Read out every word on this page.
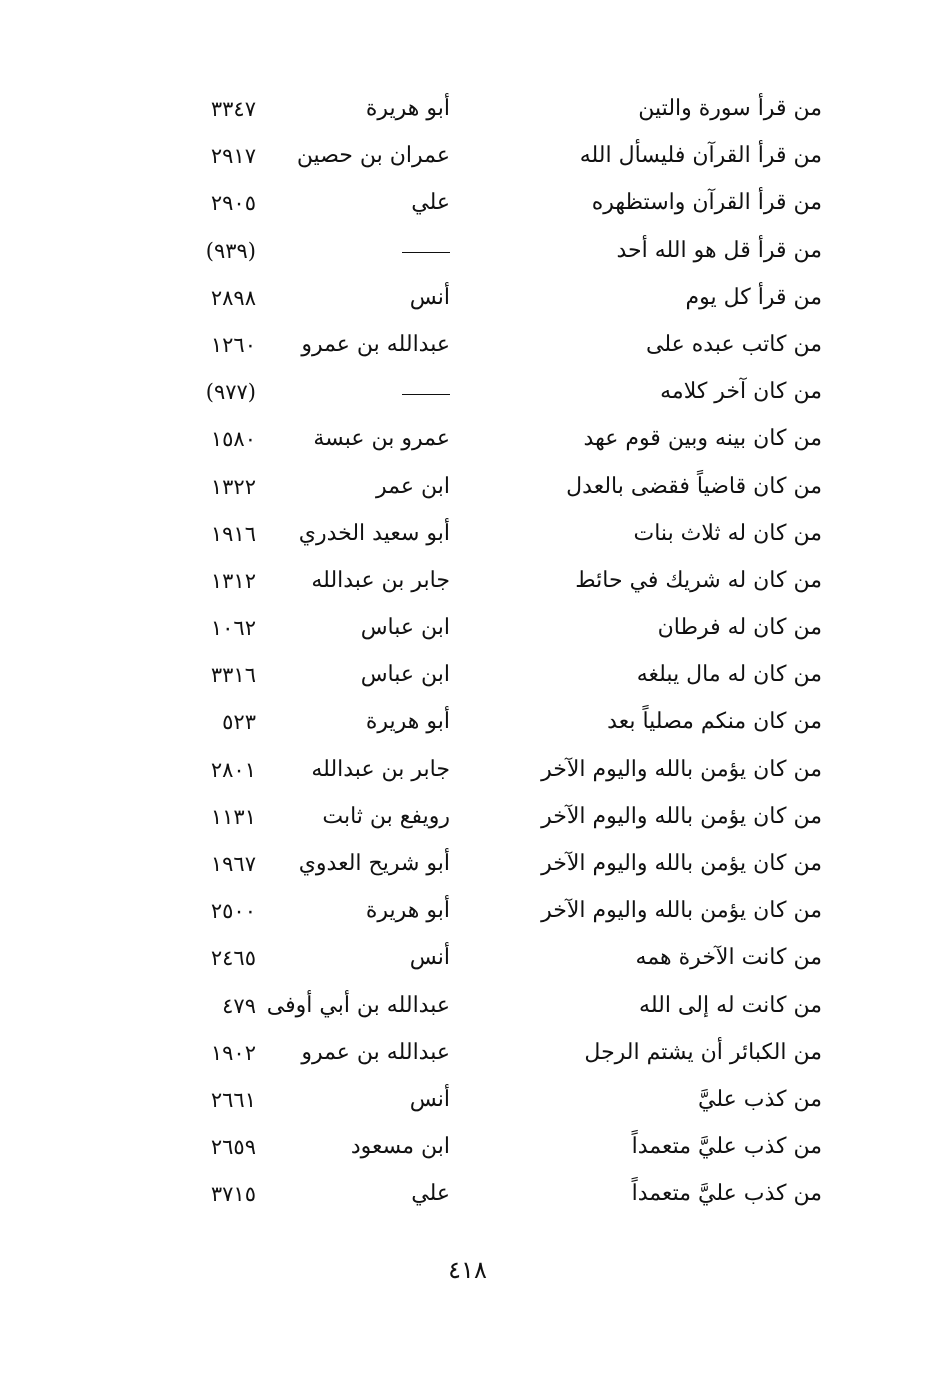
من قرأ سورة والتين
أبو هريرة
٣٣٤٧
من قرأ القرآن فليسأل الله
عمران بن حصين
٢٩١٧
من قرأ القرآن واستظهره
علي
٢٩٠٥
من قرأ قل هو الله أحد
(٩٣٩)
من قرأ كل يوم
أنس
٢٨٩٨
من كاتب عبده على
عبدالله بن عمرو
١٢٦٠
من كان آخر كلامه
(٩٧٧)
من كان بينه وبين قوم عهد
عمرو بن عبسة
١٥٨٠
من كان قاضياً فقضى بالعدل
ابن عمر
١٣٢٢
من كان له ثلاث بنات
أبو سعيد الخدري
١٩١٦
من كان له شريك في حائط
جابر بن عبدالله
١٣١٢
من كان له فرطان
ابن عباس
١٠٦٢
من كان له مال يبلغه
ابن عباس
٣٣١٦
من كان منكم مصلياً بعد
أبو هريرة
٥٢٣
من كان يؤمن بالله واليوم الآخر
جابر بن عبدالله
٢٨٠١
من كان يؤمن بالله واليوم الآخر
رويفع بن ثابت
١١٣١
من كان يؤمن بالله واليوم الآخر
أبو شريح العدوي
١٩٦٧
من كان يؤمن بالله واليوم الآخر
أبو هريرة
٢٥٠٠
من كانت الآخرة همه
أنس
٢٤٦٥
من كانت له إلى الله
عبدالله بن أبي أوفى
٤٧٩
من الكبائر أن يشتم الرجل
عبدالله بن عمرو
١٩٠٢
من كذب عليَّ
أنس
٢٦٦١
من كذب عليَّ متعمداً
ابن مسعود
٢٦٥٩
من كذب عليَّ متعمداً
علي
٣٧١٥
٤١٨
